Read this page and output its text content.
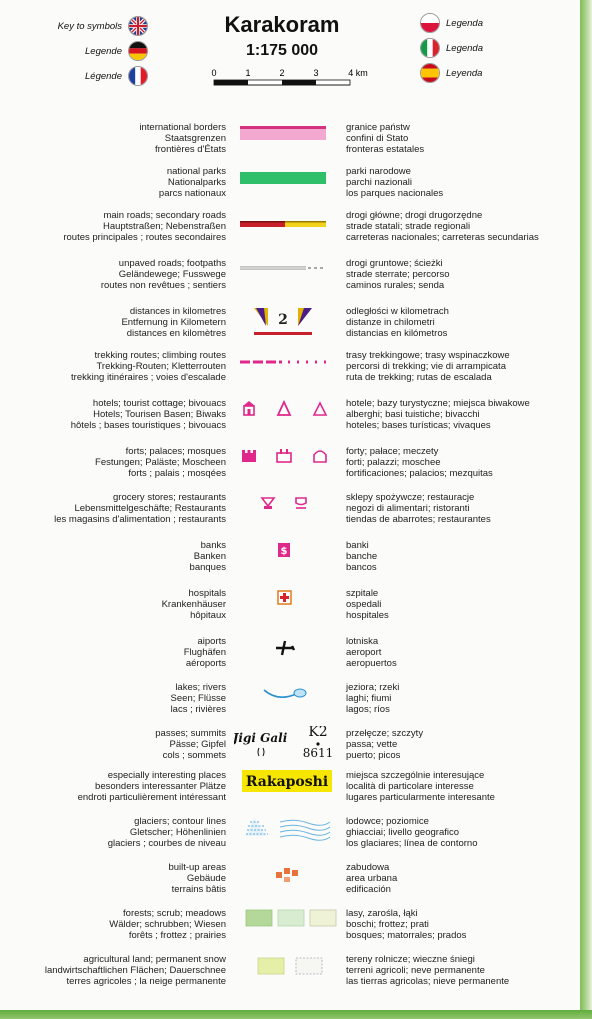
Key to symbols
Legende
Légende
Legenda
Legenda
Leyenda
Karakoram
1:175 000
0	1	2	3	4 km
international borders
Staatsgrenzen
frontières d'États
granice państw
confini di Stato
fronteras estatales
national parks
Nationalparks
parcs nationaux
parki narodowe
parchi nazionali
los parques nacionales
main roads; secondary roads
Hauptstraßen; Nebenstraßen
routes principales ; routes secondaires
drogi główne; drogi drugorzędne
strade statali; strade regionali
carreteras nacionales; carreteras secundarias
unpaved roads; footpaths
Geländewege; Fusswege
routes non revêtues ; sentiers
drogi gruntowe; ścieżki
strade sterrate; percorso
caminos rurales; senda
distances in kilometres
Entfernung in Kilometern
distances en kilomètres
2
odległości w kilometrach
distanze in chilometri
distancias en kilómetros
trekking routes; climbing routes
Trekking-Routen; Kletterrouten
trekking itinéraires ; voies d'escalade
trasy trekkingowe; trasy wspinaczkowe
percorsi di trekking; vie di arrampicata
ruta de trekking; rutas de escalada
hotels; tourist cottage; bivouacs
Hotels; Tourisen Basen; Biwaks
hôtels ; bases touristiques ; bivouacs
hotele; bazy turystyczne; miejsca biwakowe
alberghi; basi tuistiche; bivacchi
hoteles; bases turísticas; vivaques
forts; palaces; mosques
Festungen; Paläste; Moscheen
forts ; palais ; mosqées
forty; pałace; meczety
forti; palazzi; moschee
fortificaciones; palacios; mezquitas
grocery stores; restaurants
Lebensmittelgeschäfte; Restaurants
les magasins d'alimentation ; restaurants
sklepy spożywcze; restauracje
negozi di alimentari; ristoranti
tiendas de abarrotes; restaurantes
banks
Banken
banques
$
banki
banche
bancos
hospitals
Krankenhäuser
hôpitaux
szpitale
ospedali
hospitales
aiports
Flughäfen
aéroports
lotniska
aeroport
aeropuertos
lakes; rivers
Seen; Flüsse
lacs ; rivières
jeziora; rzeki
laghi; fiumi
lagos; ríos
passes; summits
Pässe; Gipfel
cols ; sommets
Jigi Gali K2
8611
przełęcze; szczyty
passa; vette
puerto; picos
especially interesting places
besonders interessanter Plätze
endroti particulièrement intéressant
Rakaposhi miejsca szczególnie interesujące
località di particolare interesse
lugares particularmente interesante
glaciers; contour lines
Gletscher; Höhenlinien
glaciers ; courbes de niveau
lodowce; poziomice
ghiacciai; livello geografico
los glaciares; línea de contorno
built-up areas
Gebäude
terrains bâtis
zabudowa
area urbana
edificación
forests; scrub; meadows
Wälder; schrubben; Wiesen
forêts ; frottez ; prairies
lasy, zarośla, łąki
boschi; frottez; prati
bosques; matorrales; prados
agricultural land; permanent snow
landwirtschaftlichen Flächen; Dauerschnee
terres agricoles ; la neige permanente
tereny rolnicze; wieczne śniegi
terreni agricoli; neve permanente
las tierras agricolas; nieve permanente
